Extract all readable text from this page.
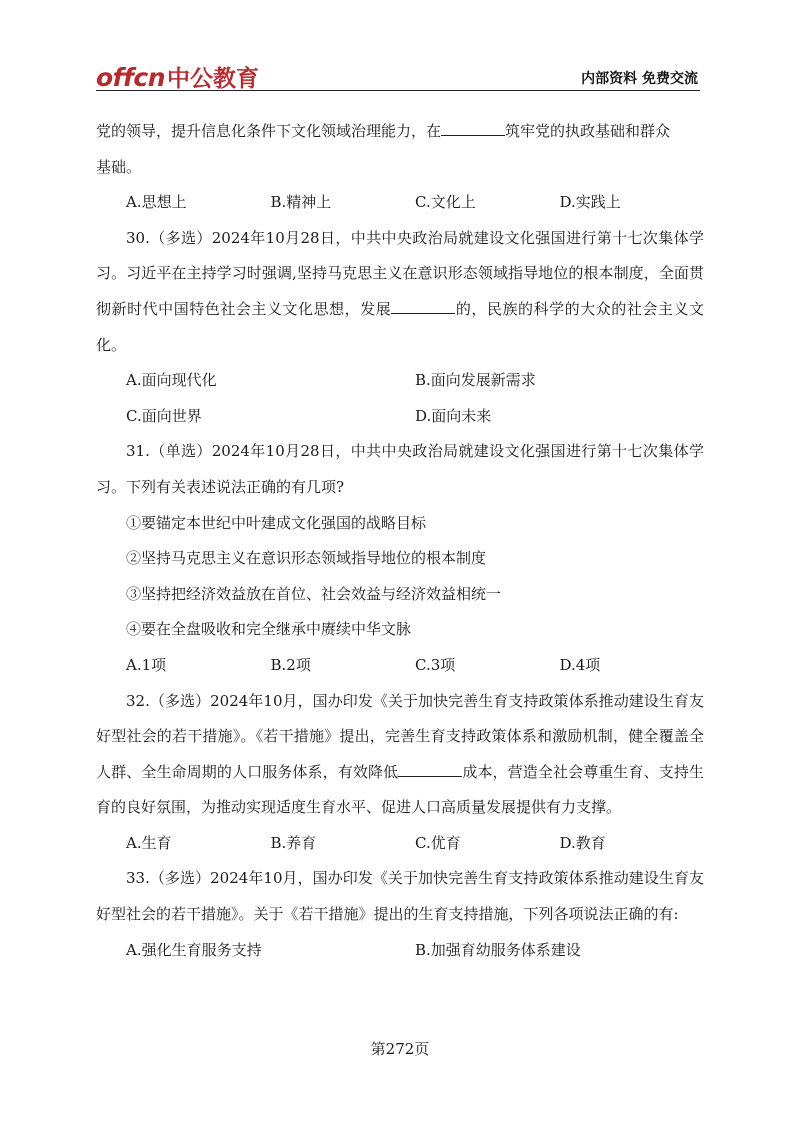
offcn 中公教育	内部资料 免费交流
党的领导，提升信息化条件下文化领域治理能力，在	筑牢党的执政基础和群众
基础。
A.思想上	B.精神上	C.文化上	D.实践上
30.（多选）2024年10月28日，中共中央政治局就建设文化强国进行第十七次集体学习。习近平在主持学习时强调,坚持马克思主义在意识形态领域指导地位的根本制度，全面贯彻新时代中国特色社会主义文化思想，发展	的，民族的科学的大众的社会主义文化。
A.面向现代化	B.面向发展新需求
C.面向世界	D.面向未来
31.（单选）2024年10月28日，中共中央政治局就建设文化强国进行第十七次集体学习。下列有关表述说法正确的有几项?
①要锚定本世纪中叶建成文化强国的战略目标
②坚持马克思主义在意识形态领域指导地位的根本制度
③坚持把经济效益放在首位、社会效益与经济效益相统一
④要在全盘吸收和完全继承中赓续中华文脉
A.1项	B.2项	C.3项	D.4项
32.（多选）2024年10月，国办印发《关于加快完善生育支持政策体系推动建设生育友好型社会的若干措施》。《若干措施》提出，完善生育支持政策体系和激励机制，健全覆盖全人群、全生命周期的人口服务体系，有效降低	成本，营造全社会尊重生育、支持生育的良好氛围，为推动实现适度生育水平、促进人口高质量发展提供有力支撑。
A.生育	B.养育	C.优育	D.教育
33.（多选）2024年10月，国办印发《关于加快完善生育支持政策体系推动建设生育友好型社会的若干措施》。关于《若干措施》提出的生育支持措施，下列各项说法正确的有:
A.强化生育服务支持	B.加强育幼服务体系建设
第272页
